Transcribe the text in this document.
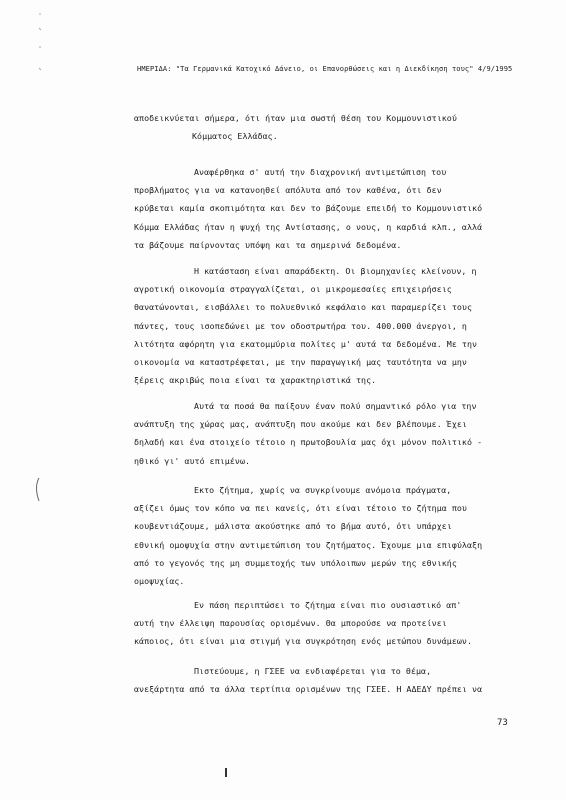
ΗΜΕΡΙΔΑ: "Τα Γερμανικά Κατοχικό Δάνειο, οι Επανορθώσεις και η Διεκδίκηση τους" 4/9/1995
αποδεικνύεται σήμερα, ότι ήταν μια σωστή θέση του Κομμουνιστικού
Κόμματος Ελλάδας.
Αναφέρθηκα σ' αυτή την διαχρονική αντιμετώπιση του
προβλήματος για να κατανοηθεί απόλυτα από τον καθένα, ότι δεν
κρύβεται καμία σκοπιμότητα και δεν το βάζουμε επειδή το Κομμουνιστικό
Κόμμα Ελλάδας ήταν η ψυχή της Αντίστασης, ο νους, η καρδιά κλπ., αλλά
τα βάζουμε παίρνοντας υπόψη και τα σημερινά δεδομένα.
Η κατάσταση είναι απαράδεκτη. Οι βιομηχανίες κλείνουν, η
αγροτική οικονομία στραγγαλίζεται, οι μικρομεσαίες επιχειρήσεις
θανατώνονται, εισβάλλει το πολυεθνικό κεφάλαιο και παραμερίζει τους
πάντες, τους ισοπεδώνει με τον οδοστρωτήρα του. 400.000 άνεργοι, η
λιτότητα αφόρητη για εκατομμύρια πολίτες μ' αυτά τα δεδομένα. Με την
οικονομία να καταστρέφεται, με την παραγωγική μας ταυτότητα να μην
ξέρεις ακριβώς ποια είναι τα χαρακτηριστικά της.
Αυτά τα ποσά θα παίξουν έναν πολύ σημαντικό ρόλο για την
ανάπτυξη της χώρας μας, ανάπτυξη που ακούμε και δεν βλέπουμε. Έχει
δηλαδή και ένα στοιχείο τέτοιο η πρωτοβουλία μας όχι μόνον πολιτικό -
ηθικό γι' αυτό επιμένω.
Εκτο ζήτημα, χωρίς να συγκρίνουμε ανόμοια πράγματα,
αξίζει όμως τον κόπο να πει κανείς, ότι είναι τέτοιο το ζήτημα που
κουβεντιάζουμε, μάλιστα ακούστηκε από το βήμα αυτό, ότι υπάρχει
εθνική ομοψυχία στην αντιμετώπιση του ζητήματος. Έχουμε μια επιφύλαξη
από το γεγονός της μη συμμετοχής των υπόλοιπων μερών της εθνικής
ομοψυχίας.
Εν πάση περιπτώσει το ζήτημα είναι πιο ουσιαστικό απ'
αυτή την έλλειψη παρουσίας ορισμένων. Θα μπορούσε να προτείνει
κάποιος, ότι είναι μια στιγμή για συγκρότηση ενός μετώπου δυνάμεων.
Πιστεύουμε, η ΓΣΕΕ να ενδιαφέρεται για το θέμα,
ανεξάρτητα από τα άλλα τερτίπια ορισμένων της ΓΣΕΕ. Η ΑΔΕΔΥ πρέπει να
73
